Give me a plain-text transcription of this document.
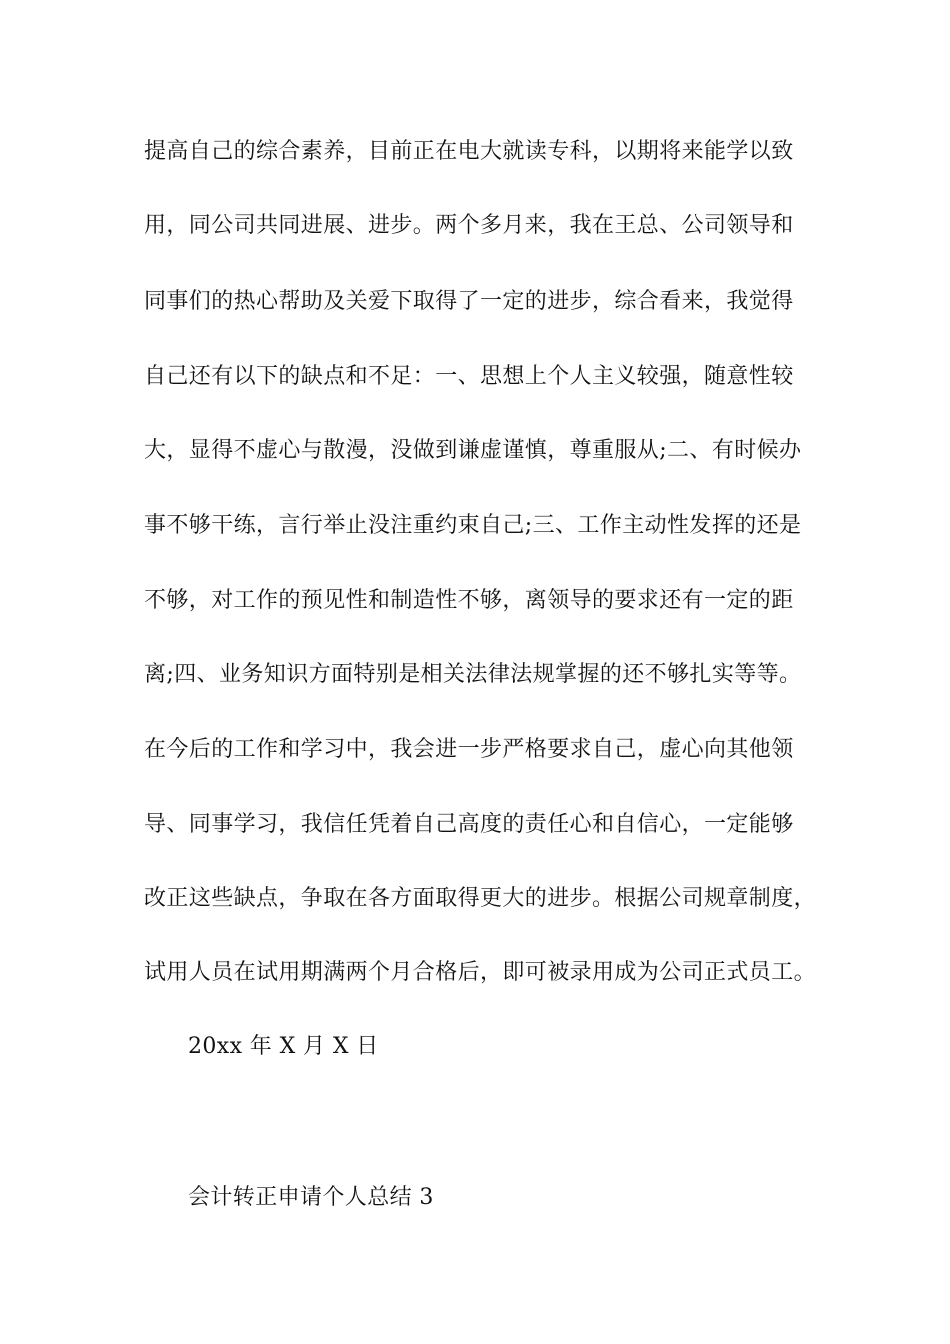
提高自己的综合素养，目前正在电大就读专科，以期将来能学以致
用，同公司共同进展、进步。两个多月来，我在王总、公司领导和
同事们的热心帮助及关爱下取得了一定的进步，综合看来，我觉得
自己还有以下的缺点和不足：一、思想上个人主义较强，随意性较
大，显得不虚心与散漫，没做到谦虚谨慎，尊重服从;二、有时候办
事不够干练，言行举止没注重约束自己;三、工作主动性发挥的还是
不够，对工作的预见性和制造性不够，离领导的要求还有一定的距
离;四、业务知识方面特别是相关法律法规掌握的还不够扎实等等。
在今后的工作和学习中，我会进一步严格要求自己，虚心向其他领
导、同事学习，我信任凭着自己高度的责任心和自信心，一定能够
改正这些缺点，争取在各方面取得更大的进步。根据公司规章制度，
试用人员在试用期满两个月合格后，即可被录用成为公司正式员工。
20xx 年 X 月 X 日
会计转正申请个人总结 3
